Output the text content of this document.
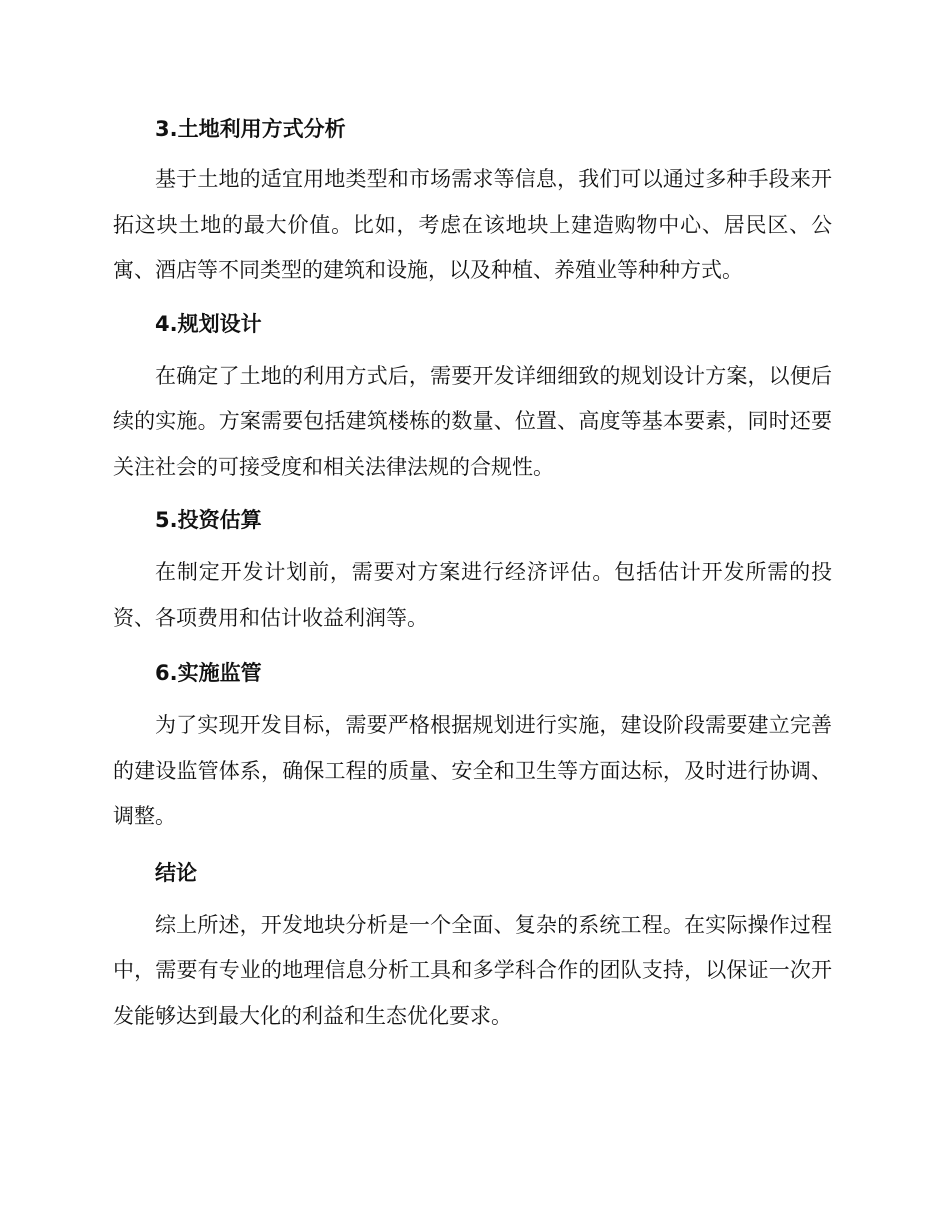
3.土地利用方式分析

基于土地的适宜用地类型和市场需求等信息，我们可以通过多种手段来开拓这块土地的最大价值。比如，考虑在该地块上建造购物中心、居民区、公寓、酒店等不同类型的建筑和设施，以及种植、养殖业等种种方式。

4.规划设计

在确定了土地的利用方式后，需要开发详细细致的规划设计方案，以便后续的实施。方案需要包括建筑楼栋的数量、位置、高度等基本要素，同时还要关注社会的可接受度和相关法律法规的合规性。

5.投资估算

在制定开发计划前，需要对方案进行经济评估。包括估计开发所需的投资、各项费用和估计收益利润等。

6.实施监管

为了实现开发目标，需要严格根据规划进行实施，建设阶段需要建立完善的建设监管体系，确保工程的质量、安全和卫生等方面达标，及时进行协调、调整。

结论

综上所述，开发地块分析是一个全面、复杂的系统工程。在实际操作过程中，需要有专业的地理信息分析工具和多学科合作的团队支持，以保证一次开发能够达到最大化的利益和生态优化要求。
